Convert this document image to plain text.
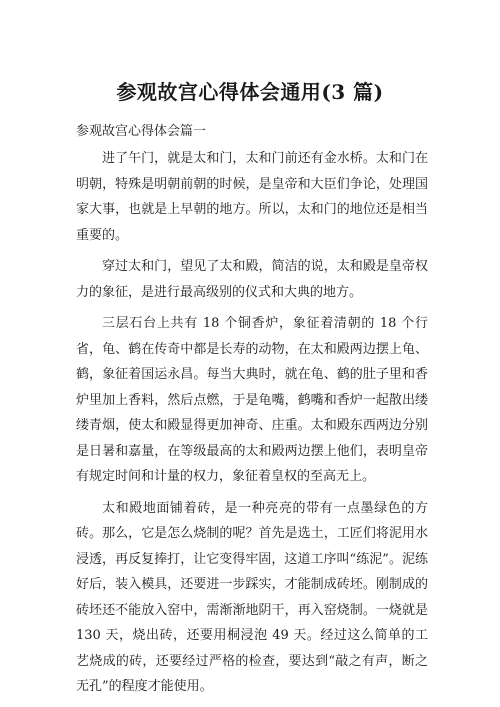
参观故宫心得体会通用(3 篇)
参观故宫心得体会篇一

进了午门，就是太和门，太和门前还有金水桥。太和门在明朝，特殊是明朝前朝的时候，是皇帝和大臣们争论，处理国家大事，也就是上早朝的地方。所以，太和门的地位还是相当重要的。

穿过太和门，望见了太和殿，简洁的说，太和殿是皇帝权力的象征，是进行最高级别的仪式和大典的地方。

三层石台上共有 18 个铜香炉，象征着清朝的 18 个行省，龟、鹤在传奇中都是长寿的动物，在太和殿两边摆上龟、鹤，象征着国运永昌。每当大典时，就在龟、鹤的肚子里和香炉里加上香料，然后点燃，于是龟嘴，鹤嘴和香炉一起散出缕缕青烟，使太和殿显得更加神奇、庄重。太和殿东西两边分别是日暑和嘉量，在等级最高的太和殿两边摆上他们，表明皇帝有规定时间和计量的权力，象征着皇权的至高无上。

太和殿地面铺着砖，是一种亮亮的带有一点墨绿色的方砖。那么，它是怎么烧制的呢？首先是选土，工匠们将泥用水浸透，再反复捧打，让它变得牢固，这道工序叫“练泥”。泥练好后，装入模具，还要进一步踩实，才能制成砖坯。刚制成的砖坯还不能放入窑中，需渐渐地阴干，再入窑烧制。一烧就是 130 天，烧出砖，还要用桐浸泡 49 天。经过这么简单的工艺烧成的砖，还要经过严格的检查，要达到“敲之有声，断之无孔”的程度才能使用。
